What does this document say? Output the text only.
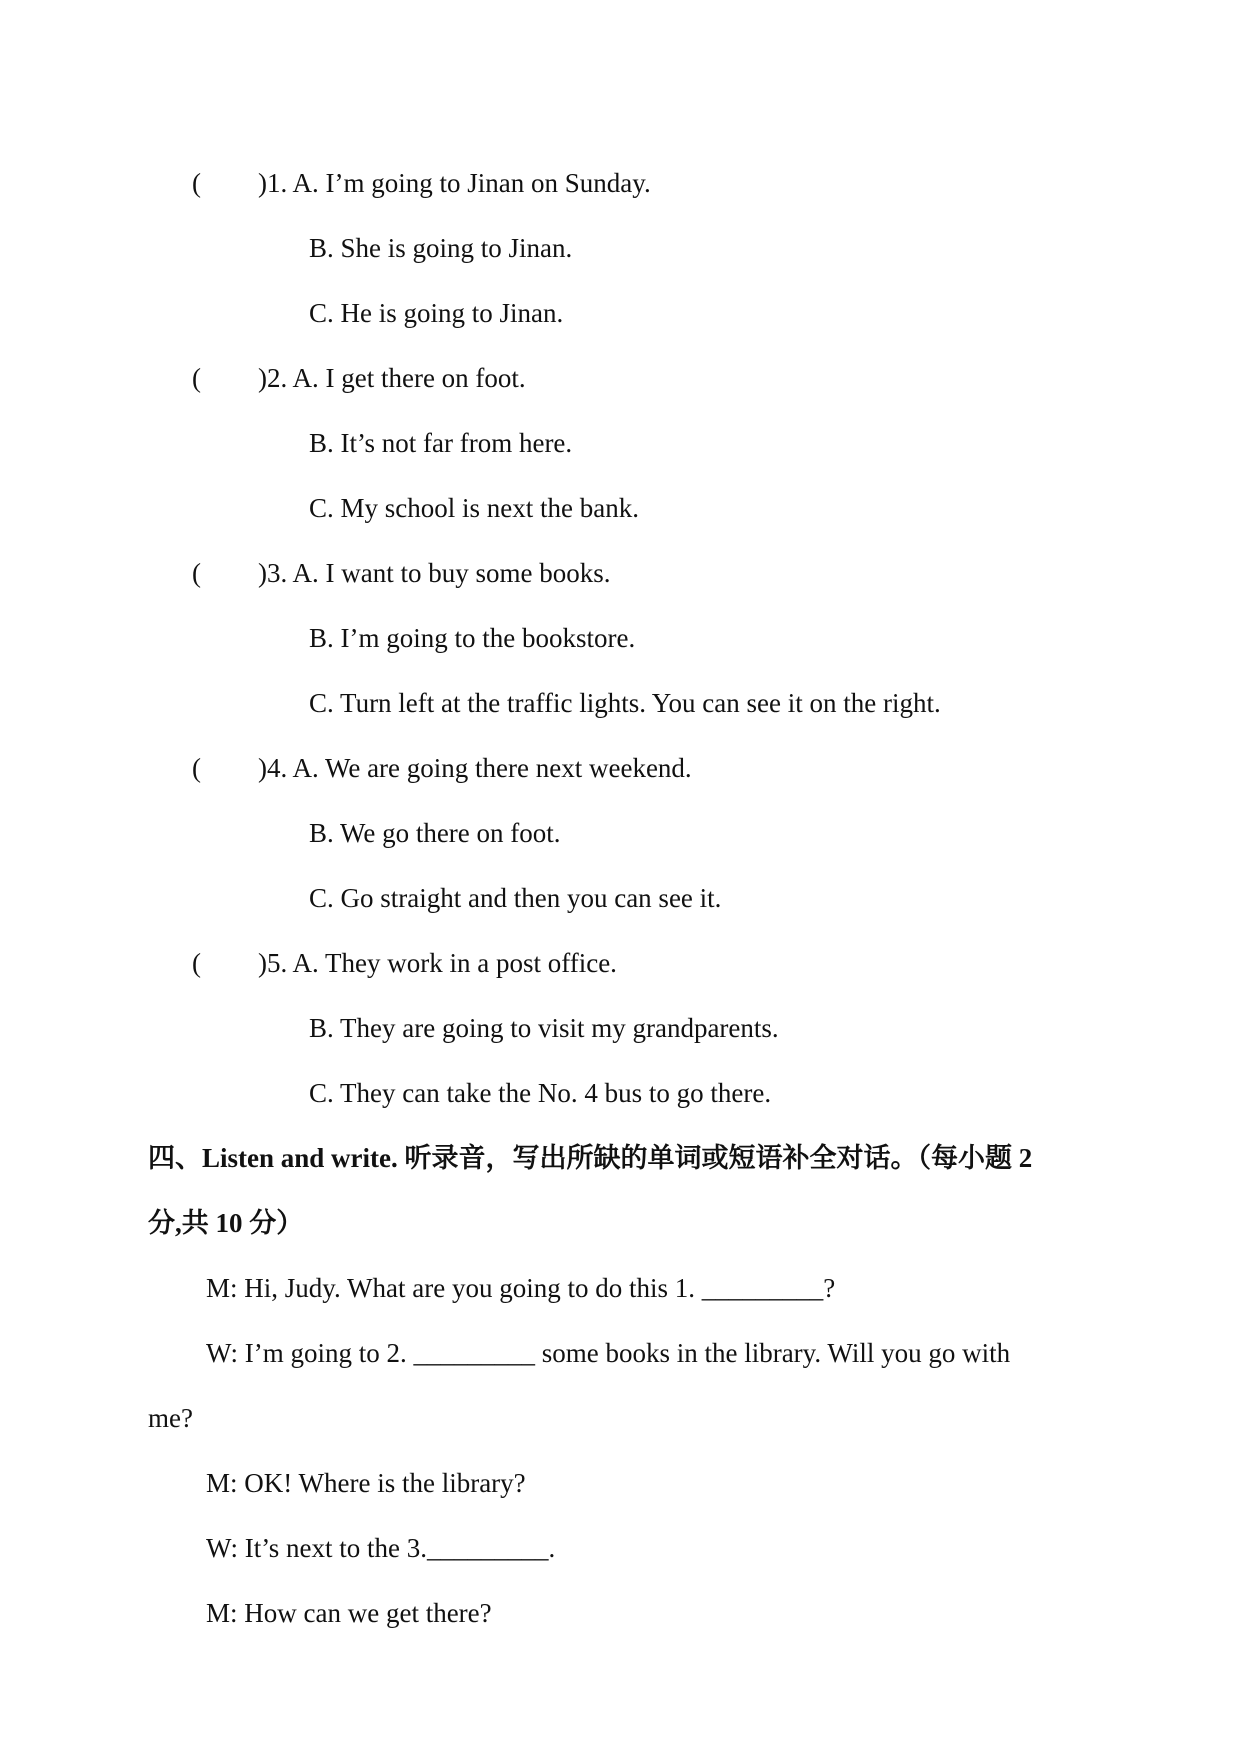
( )1. A. I’m going to Jinan on Sunday.
B. She is going to Jinan.
C. He is going to Jinan.
( )2. A. I get there on foot.
B. It’s not far from here.
C. My school is next the bank.
( )3. A. I want to buy some books.
B. I’m going to the bookstore.
C. Turn left at the traffic lights. You can see it on the right.
( )4. A. We are going there next weekend.
B. We go there on foot.
C. Go straight and then you can see it.
( )5. A. They work in a post office.
B. They are going to visit my grandparents.
C. They can take the No. 4 bus to go there.
四、Listen and write. 听录音，写出所缺的单词或短语补全对话。（每小题 2
分,共 10 分）
M: Hi, Judy. What are you going to do this 1. _________?
W: I’m going to 2. _________ some books in the library. Will you go with
me?
M: OK! Where is the library?
W: It’s next to the 3._________.
M: How can we get there?
